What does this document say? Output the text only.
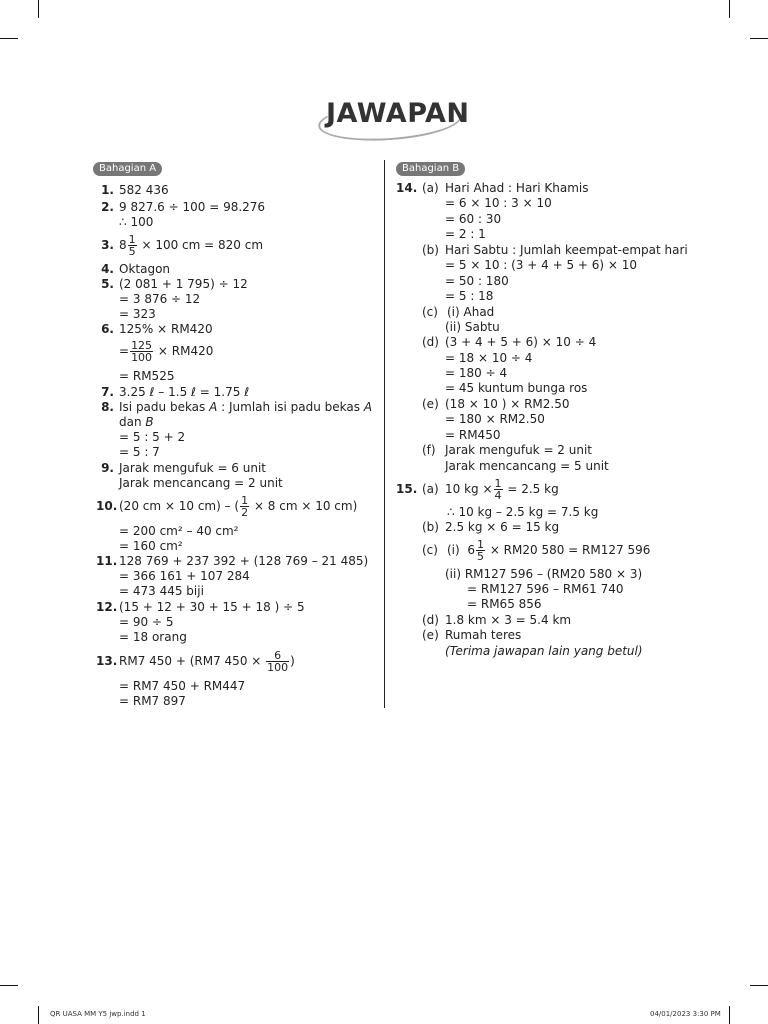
JAWAPAN
Bahagian A
1. 582 436
2. 9 827.6 ÷ 100 = 98.276
∴ 100
3. $8 \frac{1}{5} \times 100$ cm = 820 cm
4. Oktagon
5. (2 081 + 1 795) ÷ 12
= 3 876 ÷ 12
= 323
6. 125% × RM420
= $\frac{125}{100} \times RM420$
= RM525
7. 3.25 ℓ – 1.5 ℓ = 1.75 ℓ
8. Isi padu bekas A : Jumlah isi padu bekas A
dan B
= 5 : 5 + 2
= 5 : 7
9. Jarak mengufuk = 6 unit
Jarak mencancang = 2 unit
10. (20 cm × 10 cm) – ( $\frac{1}{2} \times 8$ cm × 10 cm)
= 200 cm² – 40 cm²
= 160 cm²
11. 128 769 + 237 392 + (128 769 – 21 485)
= 366 161 + 107 284
= 473 445 biji
12. (15 + 12 + 30 + 15 + 18 ) ÷ 5
= 90 ÷ 5
= 18 orang
13. RM7 450 + (RM7 $450 \times \frac{6}{100}$ )
= RM7 450 + RM447
= RM7 897
Bahagian B
14. (a) Hari Ahad : Hari Khamis
= 6 × 10 : 3 × 10
= 60 : 30
= 2 : 1
(b) Hari Sabtu : Jumlah keempat-empat hari
= 5 × 10 : (3 + 4 + 5 + 6) × 10
= 50 : 180
= 5 : 18
(c) (i) Ahad
(ii) Sabtu
(d) (3 + 4 + 5 + 6) × 10 ÷ 4
= 18 × 10 ÷ 4
= 180 ÷ 4
= 45 kuntum bunga ros
(e) (18 × 10 ) × RM2.50
= 180 × RM2.50
= RM450
(f) Jarak mengufuk = 2 unit
Jarak mencancang = 5 unit
15. (a) 10 kg × $\frac{1}{4} = 2.5$ kg
∴ 10 kg – 2.5 kg = 7.5 kg
(b) 2.5 kg × 6 = 15 kg
(c) (i) $6 \frac{1}{5} \times RM20$ 580 = RM127 596
(ii) RM127 596 – (RM20 580 × 3)
= RM127 596 – RM61 740
= RM65 856
(d) 1.8 km × 3 = 5.4 km
(e) Rumah teres
(Terima jawapan lain yang betul)
QR UASA MM Y5 jwp.indd 1	04/01/2023 3:30 PM
